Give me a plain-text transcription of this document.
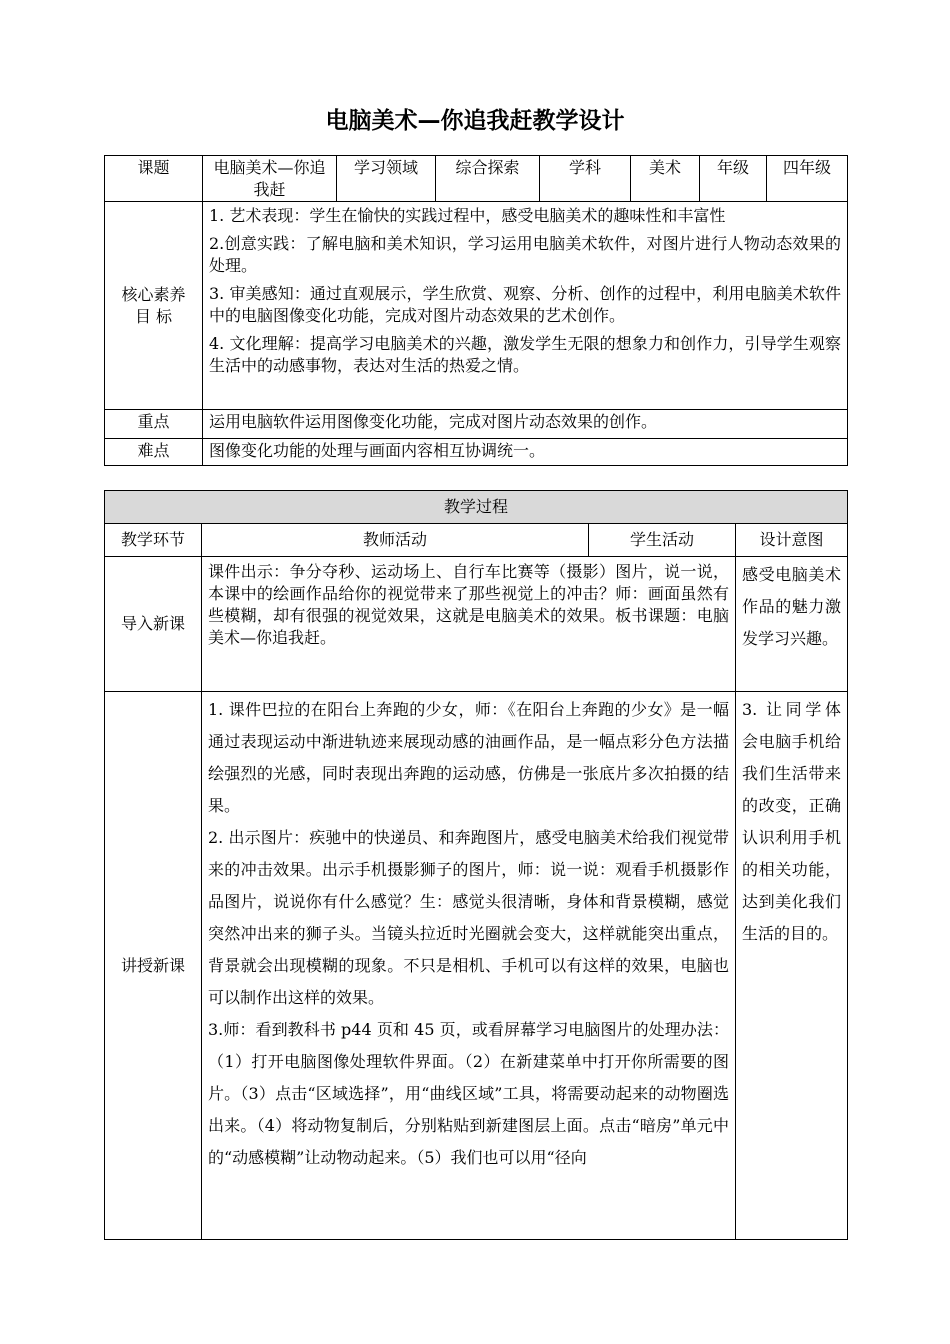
电脑美术—你追我赶教学设计
课题	电脑美术—你追我赶	学习领域	综合探索	学科	美术	年级	四年级
核心素养目 标	1. 艺术表现：学生在愉快的实践过程中，感受电脑美术的趣味性和丰富性

2.创意实践：了解电脑和美术知识，学习运用电脑美术软件，对图片进行人物动态效果的处理。

3. 审美感知：通过直观展示，学生欣赏、观察、分析、创作的过程中，利用电脑美术软件中的电脑图像变化功能，完成对图片动态效果的艺术创作。

4. 文化理解：提高学习电脑美术的兴趣，激发学生无限的想象力和创作力，引导学生观察生活中的动感事物，表达对生活的热爱之情。						

重点	运用电脑软件运用图像变化功能，完成对图片动态效果的创作。						
难点	图像变化功能的处理与画面内容相互协调统一。						
教学过程			
教学环节	教师活动	学生活动	设计意图
导入新课	课件出示：争分夺秒、运动场上、自行车比赛等（摄影）图片，说一说，本课中的绘画作品给你的视觉带来了那些视觉上的冲击？师：画面虽然有些模糊，却有很强的视觉效果，这就是电脑美术的效果。板书课题：电脑美术—你追我赶。		感受电脑美术作品的魅力激发学习兴趣。
讲授新课	1. 课件巴拉的在阳台上奔跑的少女，师：《在阳台上奔跑的少女》是一幅通过表现运动中渐进轨迹来展现动感的油画作品，是一幅点彩分色方法描绘强烈的光感，同时表现出奔跑的运动感，仿佛是一张底片多次拍摄的结果。
2. 出示图片：疾驰中的快递员、和奔跑图片，感受电脑美术给我们视觉带来的冲击效果。出示手机摄影狮子的图片，师：说一说：观看手机摄影作品图片，说说你有什么感觉？生：感觉头很清晰，身体和背景模糊，感觉突然冲出来的狮子头。当镜头拉近时光圈就会变大，这样就能突出重点，背景就会出现模糊的现象。不只是相机、手机可以有这样的效果，电脑也可以制作出这样的效果。
3.师：看到教科书 p44 页和 45 页，或看屏幕学习电脑图片的处理办法：（1）打开电脑图像处理软件界面。（2）在新建菜单中打开你所需要的图片。（3）点击“区域选择”，用“曲线区域”工具，将需要动起来的动物圈选出来。（4）将动物复制后，分别粘贴到新建图层上面。点击“暗房”单元中的“动感模糊”让动物动起来。（5）我们也可以用“径向		3. 让同学体会电脑手机给我们生活带来的改变，正确认识利用手机的相关功能，达到美化我们生活的目的。
